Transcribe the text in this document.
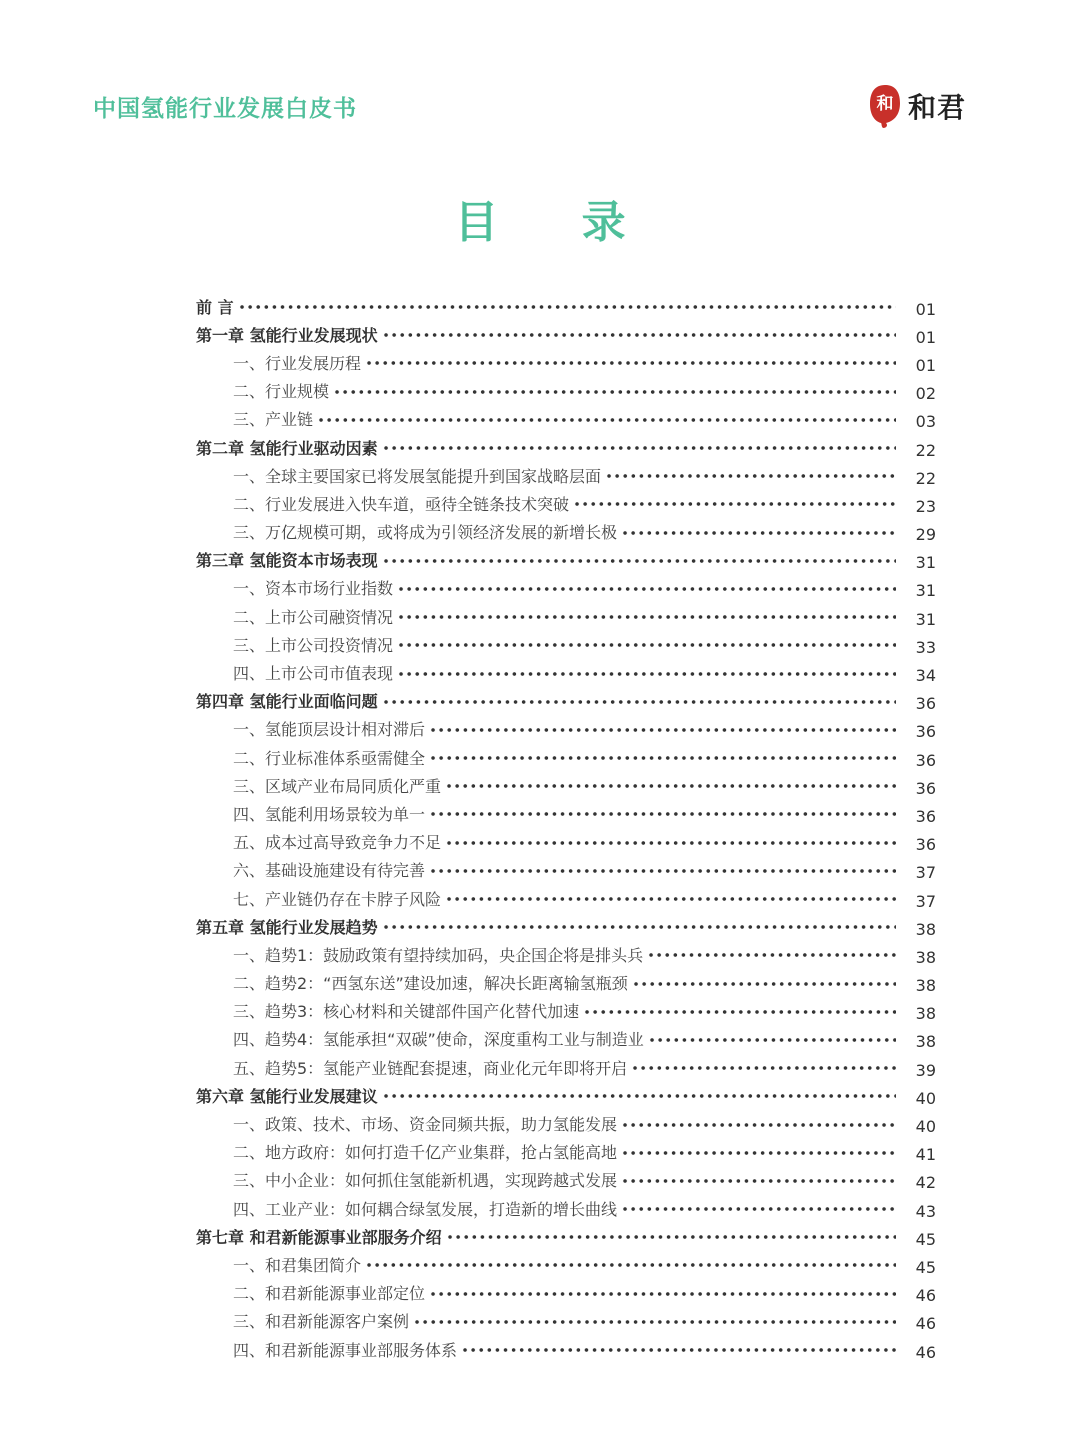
中国氢能行业发展白皮书	和 和君
目 录
前 言	01
第一章 氢能行业发展现状	01
一、行业发展历程	01
二、行业规模	02
三、产业链	03
第二章 氢能行业驱动因素	22
一、全球主要国家已将发展氢能提升到国家战略层面	22
二、行业发展进入快车道，亟待全链条技术突破	23
三、万亿规模可期，或将成为引领经济发展的新增长极	29
第三章 氢能资本市场表现	31
一、资本市场行业指数	31
二、上市公司融资情况	31
三、上市公司投资情况	33
四、上市公司市值表现	34
第四章 氢能行业面临问题	36
一、氢能顶层设计相对滞后	36
二、行业标准体系亟需健全	36
三、区域产业布局同质化严重	36
四、氢能利用场景较为单一	36
五、成本过高导致竞争力不足	36
六、基础设施建设有待完善	37
七、产业链仍存在卡脖子风险	37
第五章 氢能行业发展趋势	38
一、趋势1：鼓励政策有望持续加码，央企国企将是排头兵	38
二、趋势2：“西氢东送”建设加速，解决长距离输氢瓶颈	38
三、趋势3：核心材料和关键部件国产化替代加速	38
四、趋势4：氢能承担“双碳”使命，深度重构工业与制造业	38
五、趋势5：氢能产业链配套提速，商业化元年即将开启	39
第六章 氢能行业发展建议	40
一、政策、技术、市场、资金同频共振，助力氢能发展	40
二、地方政府：如何打造千亿产业集群，抢占氢能高地	41
三、中小企业：如何抓住氢能新机遇，实现跨越式发展	42
四、工业产业：如何耦合绿氢发展，打造新的增长曲线	43
第七章 和君新能源事业部服务介绍	45
一、和君集团简介	45
二、和君新能源事业部定位	46
三、和君新能源客户案例	46
四、和君新能源事业部服务体系	46
